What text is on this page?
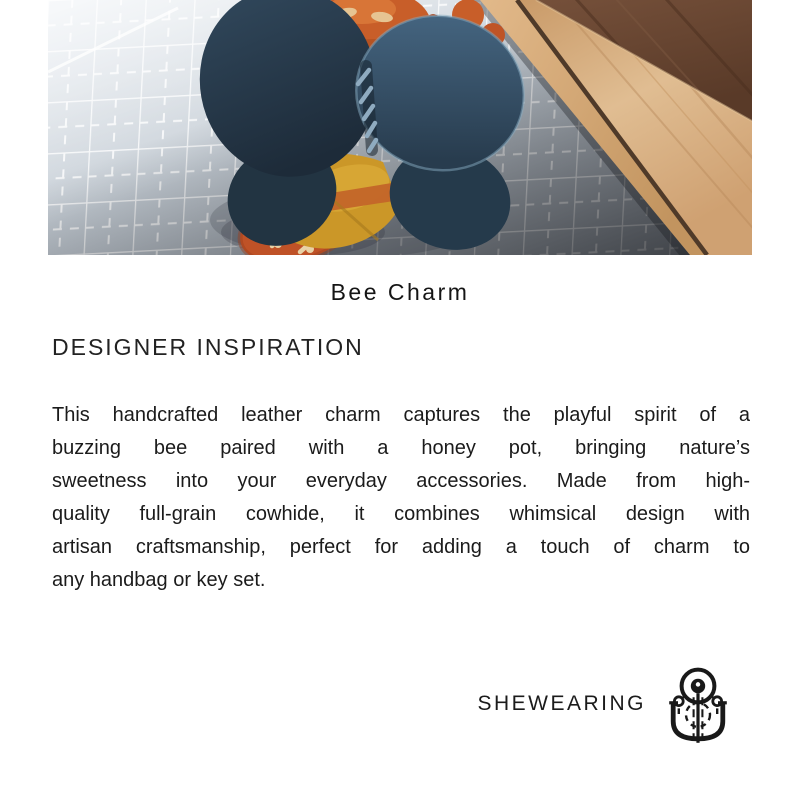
Bee Charm
DESIGNER INSPIRATION
This handcrafted leather charm captures the playful spirit of a
buzzing bee paired with a honey pot, bringing nature’s
sweetness into your everyday accessories. Made from high-
quality full-grain cowhide, it combines whimsical design with
artisan craftsmanship, perfect for adding a touch of charm to
any handbag or key set.
SHEWEARING
